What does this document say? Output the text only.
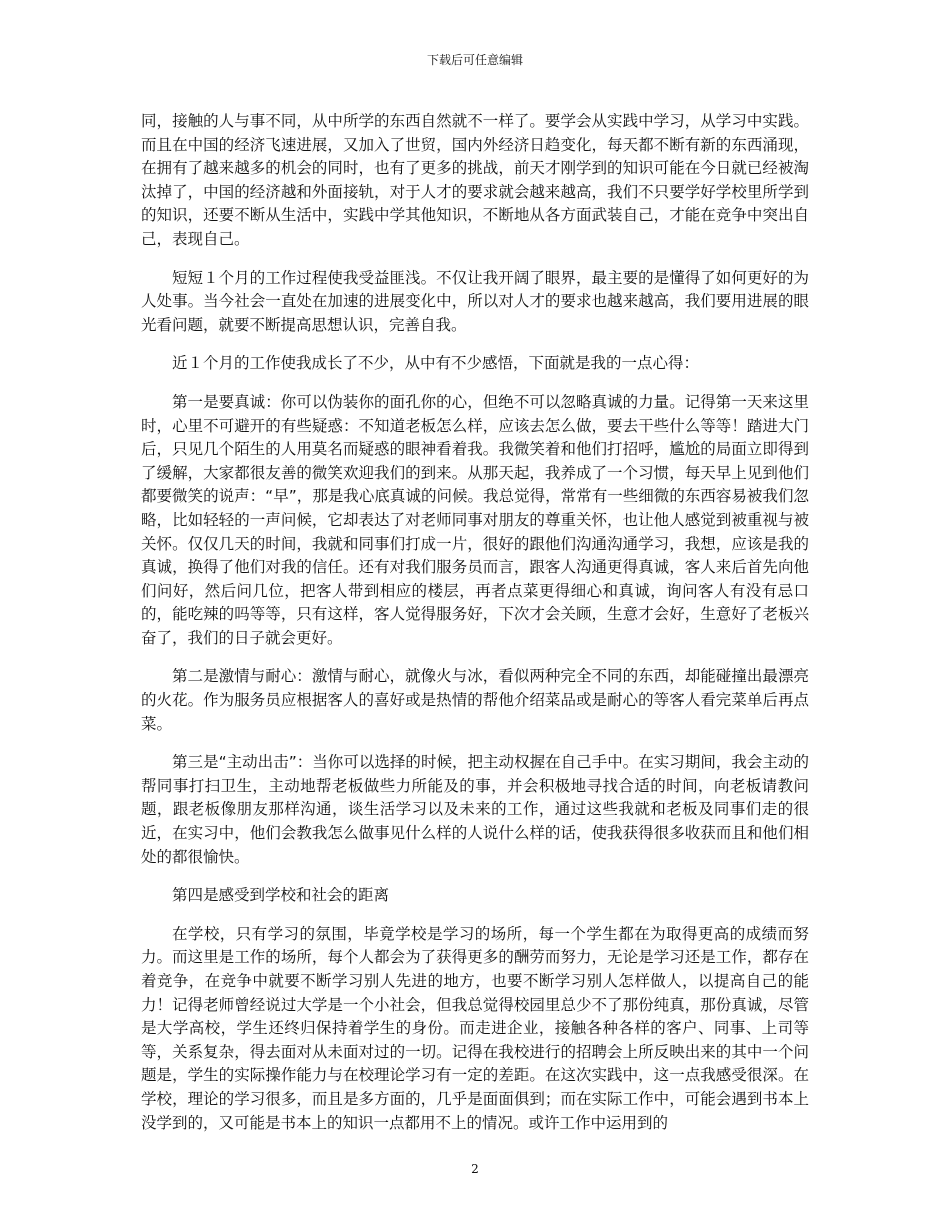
下载后可任意编辑

同，接触的人与事不同，从中所学的东西自然就不一样了。要学会从实践中学习，从学习中实践。而且在中国的经济飞速进展，又加入了世贸，国内外经济日趋变化，每天都不断有新的东西涌现，在拥有了越来越多的机会的同时，也有了更多的挑战，前天才刚学到的知识可能在今日就已经被淘汰掉了，中国的经济越和外面接轨，对于人才的要求就会越来越高，我们不只要学好学校里所学到的知识，还要不断从生活中，实践中学其他知识，不断地从各方面武装自己，才能在竞争中突出自己，表现自己。

短短１个月的工作过程使我受益匪浅。不仅让我开阔了眼界，最主要的是懂得了如何更好的为人处事。当今社会一直处在加速的进展变化中，所以对人才的要求也越来越高，我们要用进展的眼光看问题，就要不断提高思想认识，完善自我。

近１个月的工作使我成长了不少，从中有不少感悟，下面就是我的一点心得：

第一是要真诚：你可以伪装你的面孔你的心，但绝不可以忽略真诚的力量。记得第一天来这里时，心里不可避开的有些疑惑：不知道老板怎么样，应该去怎么做，要去干些什么等等！踏进大门后，只见几个陌生的人用莫名而疑惑的眼神看着我。我微笑着和他们打招呼，尴尬的局面立即得到了缓解，大家都很友善的微笑欢迎我们的到来。从那天起，我养成了一个习惯，每天早上见到他们都要微笑的说声：“早”，那是我心底真诚的问候。我总觉得，常常有一些细微的东西容易被我们忽略，比如轻轻的一声问候，它却表达了对老师同事对朋友的尊重关怀，也让他人感觉到被重视与被关怀。仅仅几天的时间，我就和同事们打成一片，很好的跟他们沟通沟通学习，我想，应该是我的真诚，换得了他们对我的信任。还有对我们服务员而言，跟客人沟通更得真诚，客人来后首先向他们问好，然后问几位，把客人带到相应的楼层，再者点菜更得细心和真诚，询问客人有没有忌口的，能吃辣的吗等等，只有这样，客人觉得服务好，下次才会关顾，生意才会好，生意好了老板兴奋了，我们的日子就会更好。

第二是激情与耐心：激情与耐心，就像火与冰，看似两种完全不同的东西，却能碰撞出最漂亮的火花。作为服务员应根据客人的喜好或是热情的帮他介绍菜品或是耐心的等客人看完菜单后再点菜。

第三是“主动出击”：当你可以选择的时候，把主动权握在自己手中。在实习期间，我会主动的帮同事打扫卫生，主动地帮老板做些力所能及的事，并会积极地寻找合适的时间，向老板请教问题，跟老板像朋友那样沟通，谈生活学习以及未来的工作，通过这些我就和老板及同事们走的很近，在实习中，他们会教我怎么做事见什么样的人说什么样的话，使我获得很多收获而且和他们相处的都很愉快。

第四是感受到学校和社会的距离

在学校，只有学习的氛围，毕竟学校是学习的场所，每一个学生都在为取得更高的成绩而努力。而这里是工作的场所，每个人都会为了获得更多的酬劳而努力，无论是学习还是工作，都存在着竞争，在竞争中就要不断学习别人先进的地方，也要不断学习别人怎样做人，以提高自己的能力！记得老师曾经说过大学是一个小社会，但我总觉得校园里总少不了那份纯真，那份真诚，尽管是大学高校，学生还终归保持着学生的身份。而走进企业，接触各种各样的客户、同事、上司等等，关系复杂，得去面对从未面对过的一切。记得在我校进行的招聘会上所反映出来的其中一个问题是，学生的实际操作能力与在校理论学习有一定的差距。在这次实践中，这一点我感受很深。在学校，理论的学习很多，而且是多方面的，几乎是面面俱到；而在实际工作中，可能会遇到书本上没学到的，又可能是书本上的知识一点都用不上的情况。或许工作中运用到的

2
